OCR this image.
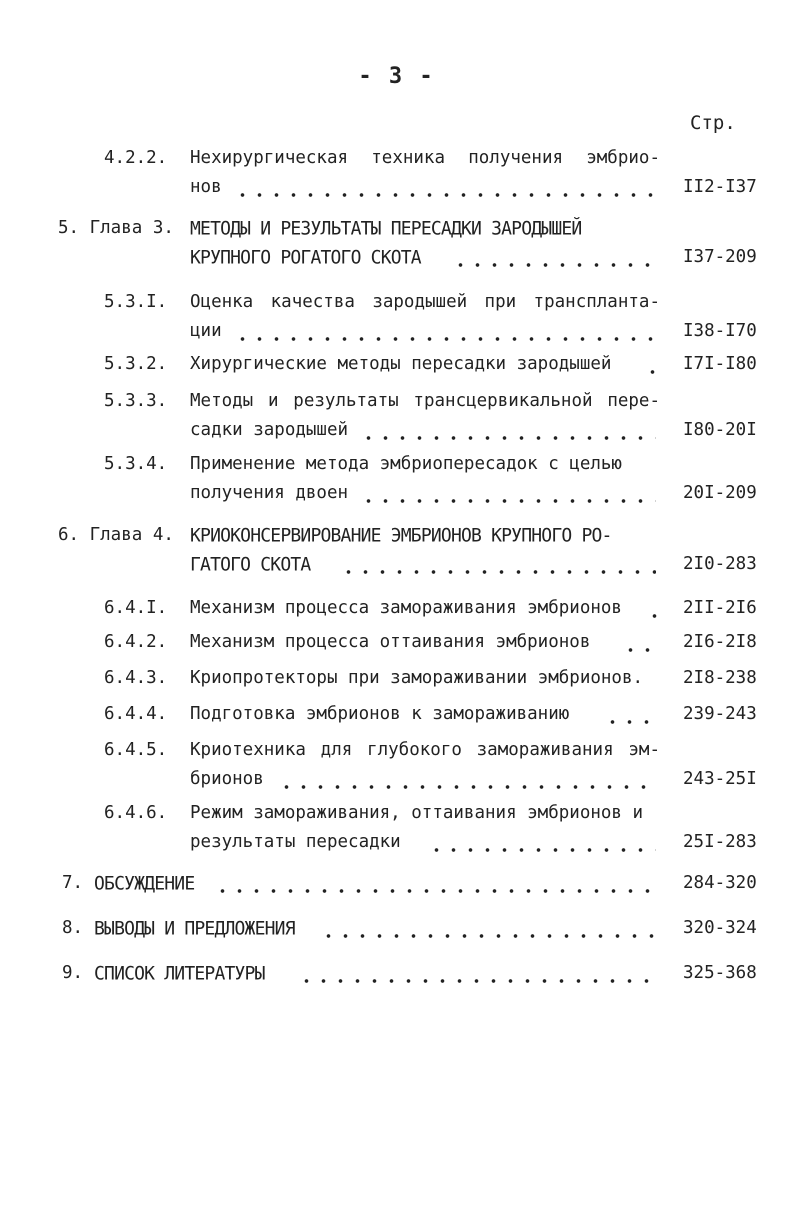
- 3 -
Стр.
4.2.2. Нехирургическая техника получения эмбрио-
нов	II2-I37
5. Глава 3. МЕТОДЫ И РЕЗУЛЬТАТЫ ПЕРЕСАДКИ ЗАРОДЫШЕЙ
КРУПНОГО РОГАТОГО СКОТА	I37-209
5.3.I. Оценка качества зародышей при транспланта-
ции	I38-I70
5.3.2. Хирургические методы пересадки зародышей	I7I-I80
5.3.3. Методы и результаты трансцервикальной пере-
садки зародышей	I80-20I
5.3.4. Применение метода эмбриопересадок с целью
получения двоен	20I-209
6. Глава 4. КРИОКОНСЕРВИРОВАНИЕ ЭМБРИОНОВ КРУПНОГО РО-
ГАТОГО СКОТА	2I0-283
6.4.I. Механизм процесса замораживания эмбрионов	2II-2I6
6.4.2. Механизм процесса оттаивания эмбрионов	2I6-2I8
6.4.3. Криопротекторы при замораживании эмбрионов. 2I8-238
6.4.4. Подготовка эмбрионов к замораживанию	239-243
6.4.5. Криотехника для глубокого замораживания эм-
брионов	243-25I
6.4.6. Режим замораживания, оттаивания эмбрионов и
результаты пересадки	25I-283
7. ОБСУЖДЕНИЕ	284-320
8. ВЫВОДЫ И ПРЕДЛОЖЕНИЯ	320-324
9. СПИСОК ЛИТЕРАТУРЫ	325-368
